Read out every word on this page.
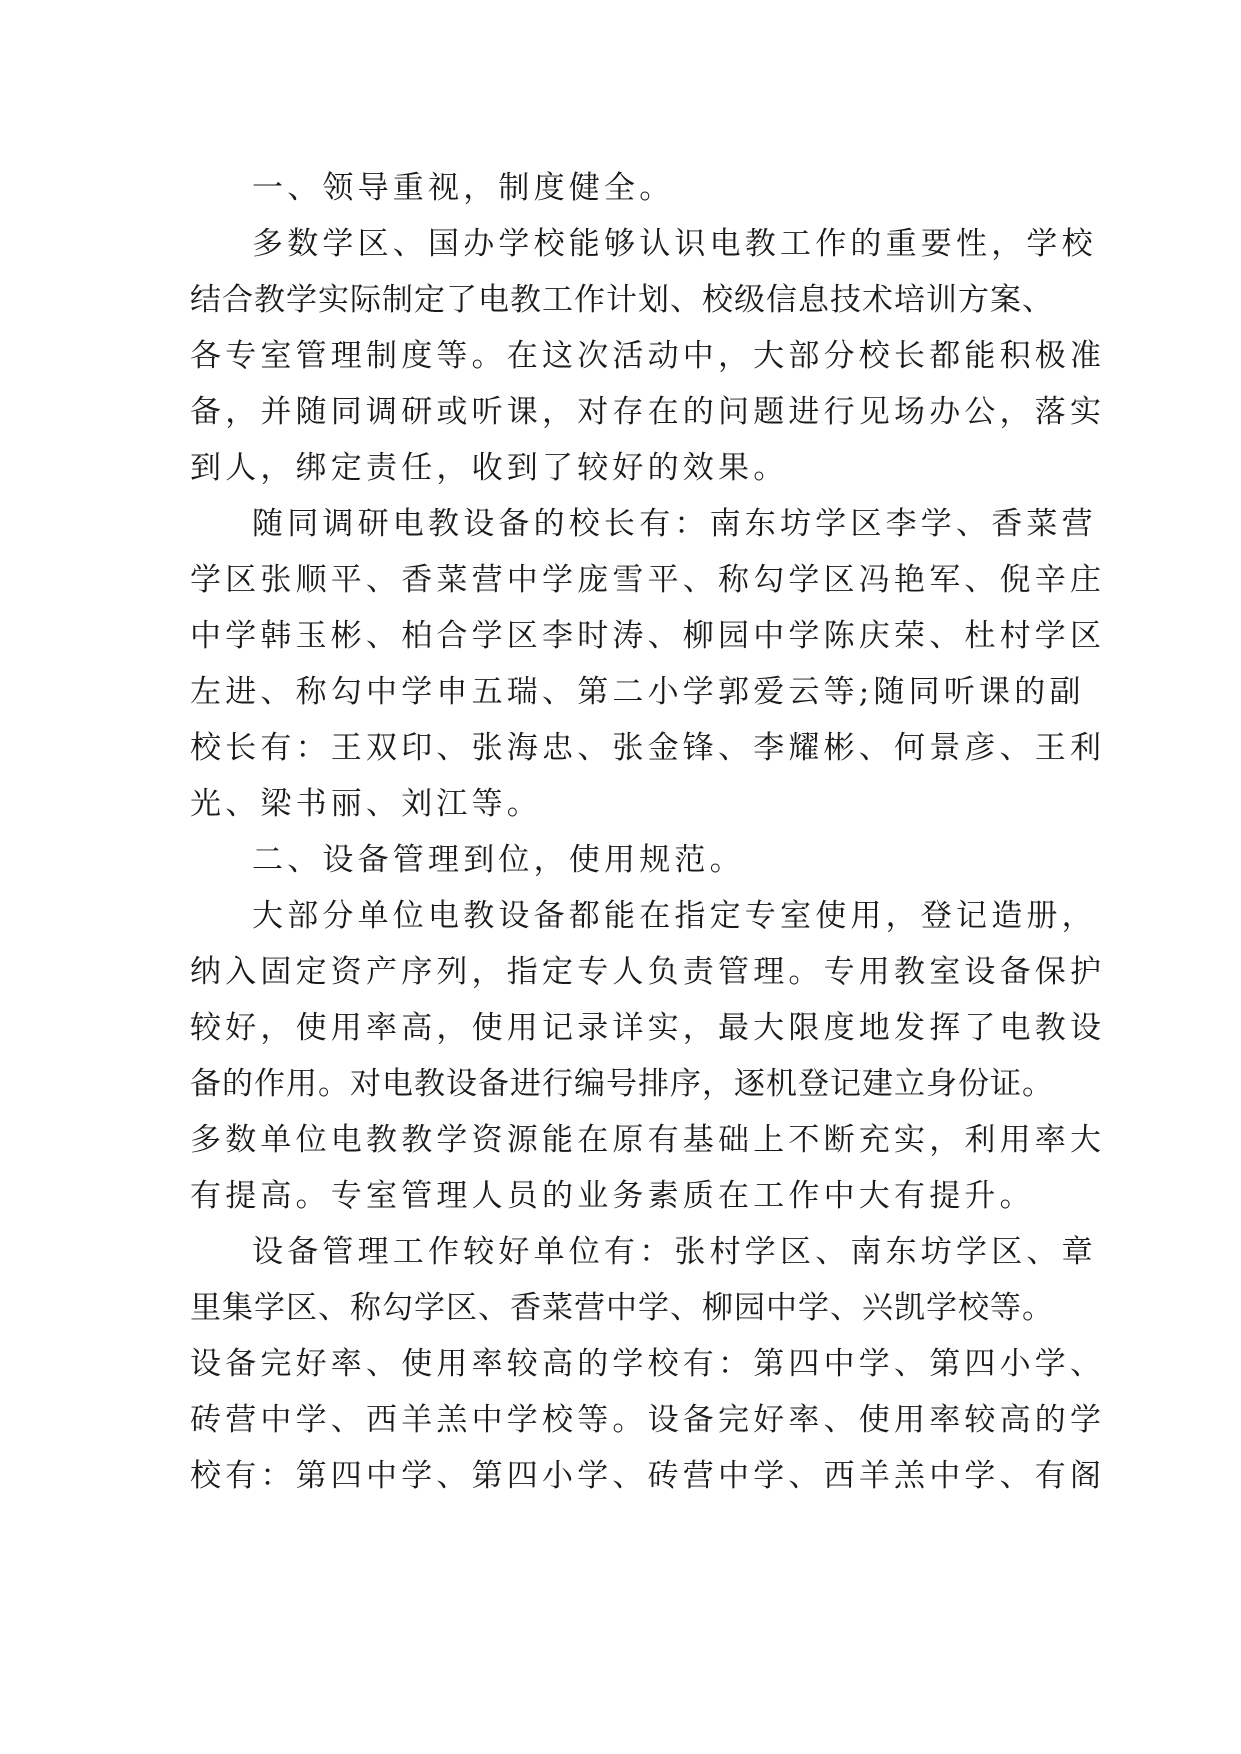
一、领导重视，制度健全。
多数学区、国办学校能够认识电教工作的重要性，学校
结合教学实际制定了电教工作计划、校级信息技术培训方案、
各专室管理制度等。在这次活动中，大部分校长都能积极准
备，并随同调研或听课，对存在的问题进行见场办公，落实
到人，绑定责任，收到了较好的效果。
随同调研电教设备的校长有：南东坊学区李学、香菜营
学区张顺平、香菜营中学庞雪平、称勾学区冯艳军、倪辛庄
中学韩玉彬、柏合学区李时涛、柳园中学陈庆荣、杜村学区
左进、称勾中学申五瑞、第二小学郭爱云等;随同听课的副
校长有：王双印、张海忠、张金锋、李耀彬、何景彦、王利
光、梁书丽、刘江等。
二、设备管理到位，使用规范。
大部分单位电教设备都能在指定专室使用，登记造册，
纳入固定资产序列，指定专人负责管理。专用教室设备保护
较好，使用率高，使用记录详实，最大限度地发挥了电教设
备的作用。对电教设备进行编号排序，逐机登记建立身份证。
多数单位电教教学资源能在原有基础上不断充实，利用率大
有提高。专室管理人员的业务素质在工作中大有提升。
设备管理工作较好单位有：张村学区、南东坊学区、章
里集学区、称勾学区、香菜营中学、柳园中学、兴凯学校等。
设备完好率、使用率较高的学校有：第四中学、第四小学、
砖营中学、西羊羔中学校等。设备完好率、使用率较高的学
校有：第四中学、第四小学、砖营中学、西羊羔中学、有阁
